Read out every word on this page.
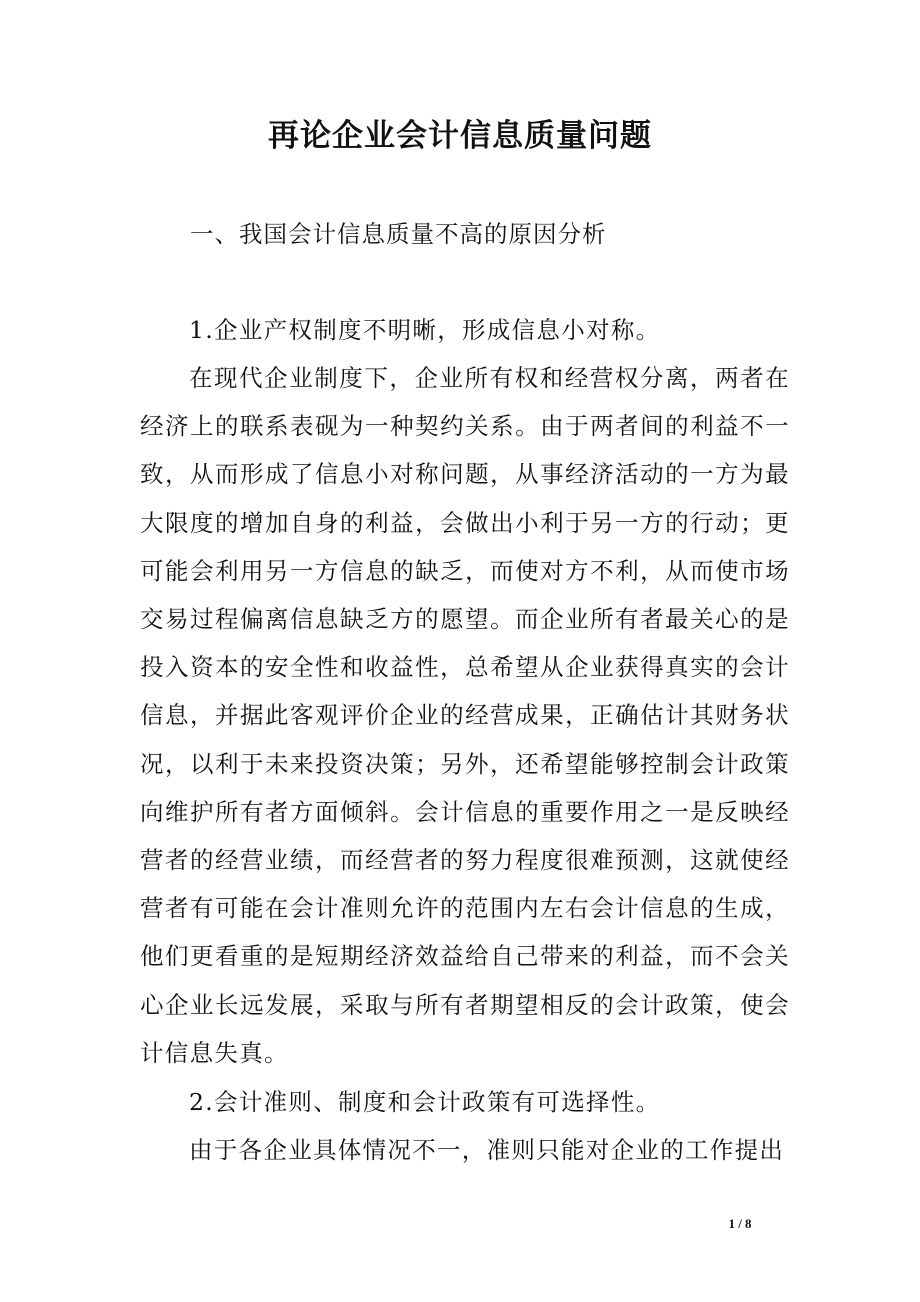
再论企业会计信息质量问题
一、我国会计信息质量不高的原因分析

1.企业产权制度不明晰，形成信息小对称。

在现代企业制度下，企业所有权和经营权分离，两者在经济上的联系表砚为一种契约关系。由于两者间的利益不一致，从而形成了信息小对称问题，从事经济活动的一方为最大限度的增加自身的利益，会做出小利于另一方的行动；更可能会利用另一方信息的缺乏，而使对方不利，从而使市场交易过程偏离信息缺乏方的愿望。而企业所有者最关心的是投入资本的安全性和收益性，总希望从企业获得真实的会计信息，并据此客观评价企业的经营成果，正确估计其财务状况，以利于未来投资决策；另外，还希望能够控制会计政策向维护所有者方面倾斜。会计信息的重要作用之一是反映经营者的经营业绩，而经营者的努力程度很难预测，这就使经营者有可能在会计准则允许的范围内左右会计信息的生成，他们更看重的是短期经济效益给自己带来的利益，而不会关心企业长远发展，采取与所有者期望相反的会计政策，使会计信息失真。

2.会计准则、制度和会计政策有可选择性。

由于各企业具体情况不一，准则只能对企业的工作提出

1 / 8
